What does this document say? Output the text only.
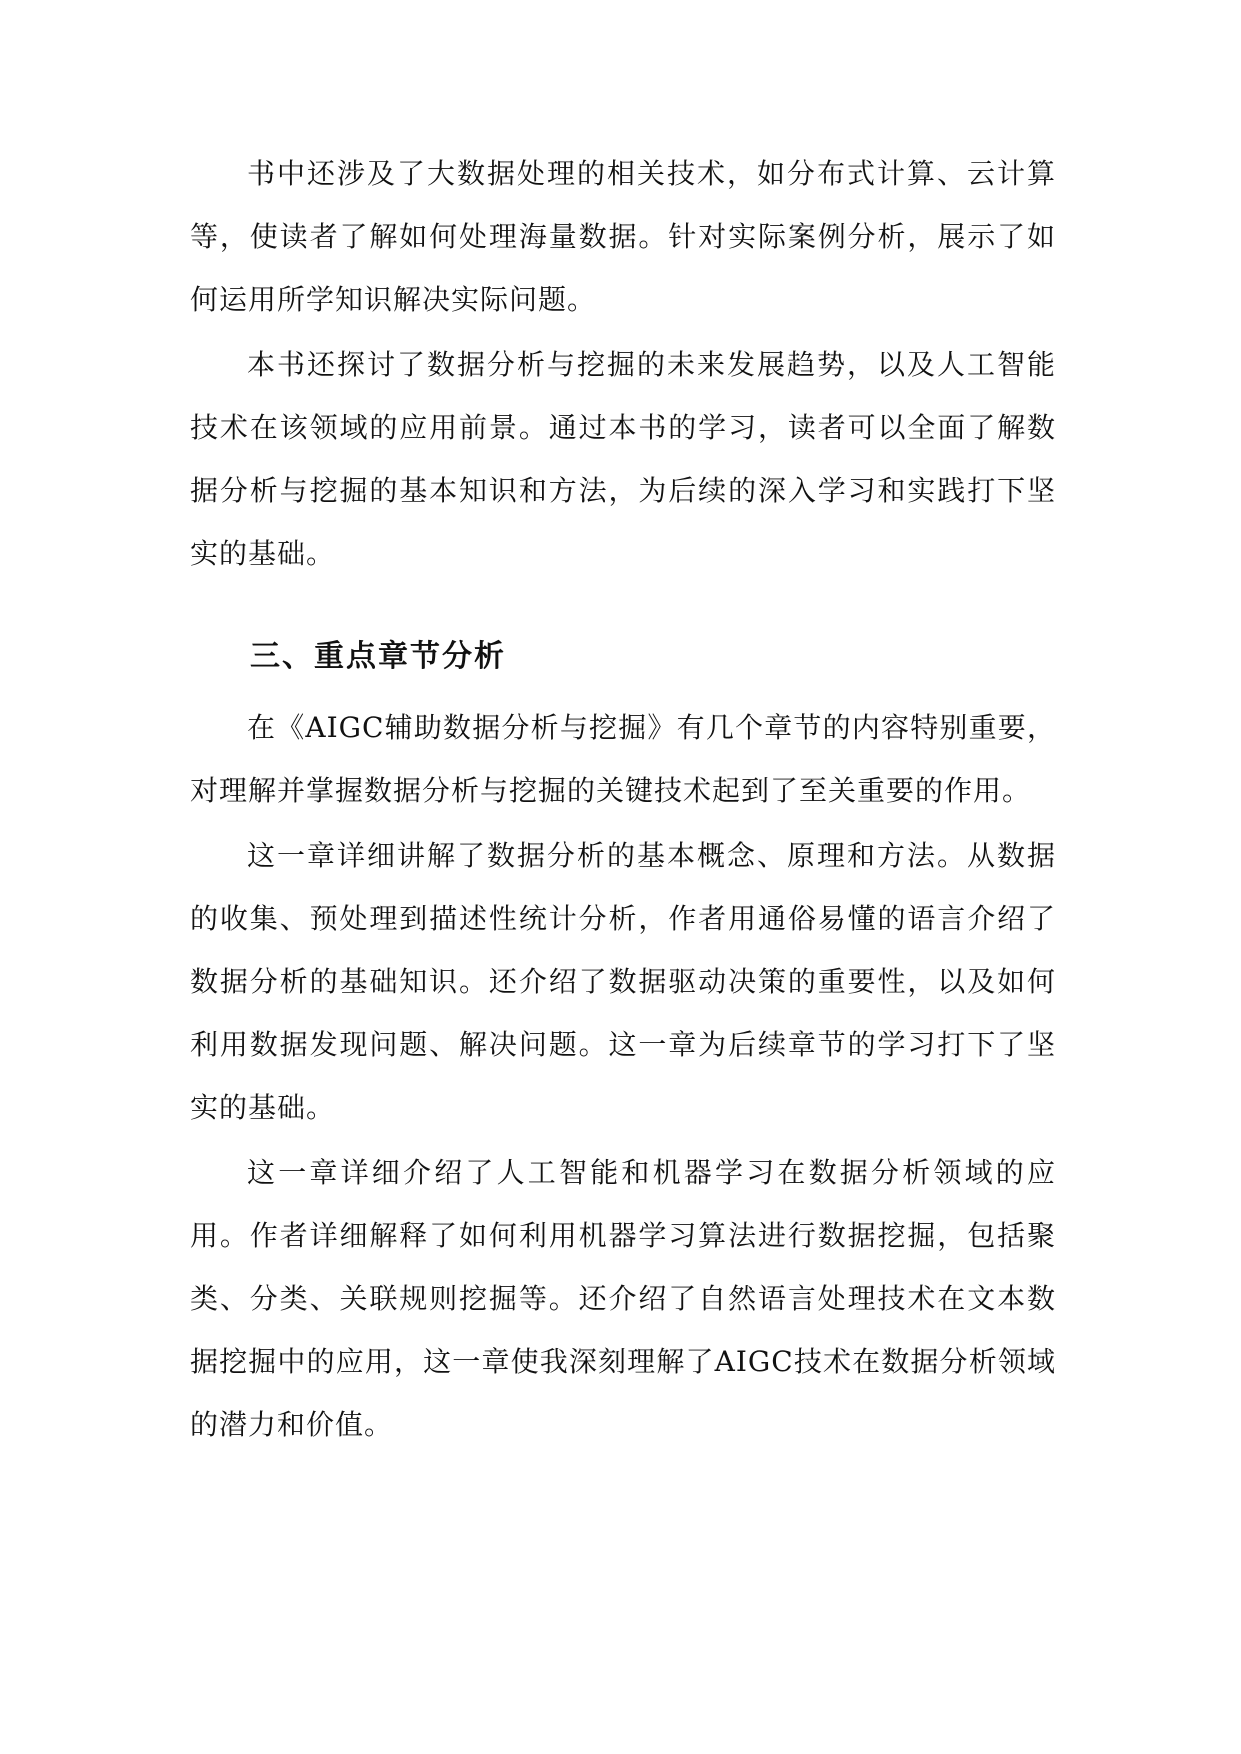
书中还涉及了大数据处理的相关技术，如分布式计算、云计算等，使读者了解如何处理海量数据。针对实际案例分析，展示了如何运用所学知识解决实际问题。

本书还探讨了数据分析与挖掘的未来发展趋势，以及人工智能技术在该领域的应用前景。通过本书的学习，读者可以全面了解数据分析与挖掘的基本知识和方法，为后续的深入学习和实践打下坚实的基础。

三、重点章节分析

在《AIGC辅助数据分析与挖掘》有几个章节的内容特别重要，对理解并掌握数据分析与挖掘的关键技术起到了至关重要的作用。

这一章详细讲解了数据分析的基本概念、原理和方法。从数据的收集、预处理到描述性统计分析，作者用通俗易懂的语言介绍了数据分析的基础知识。还介绍了数据驱动决策的重要性，以及如何利用数据发现问题、解决问题。这一章为后续章节的学习打下了坚实的基础。

这一章详细介绍了人工智能和机器学习在数据分析领域的应用。作者详细解释了如何利用机器学习算法进行数据挖掘，包括聚类、分类、关联规则挖掘等。还介绍了自然语言处理技术在文本数据挖掘中的应用，这一章使我深刻理解了AIGC技术在数据分析领域的潜力和价值。
